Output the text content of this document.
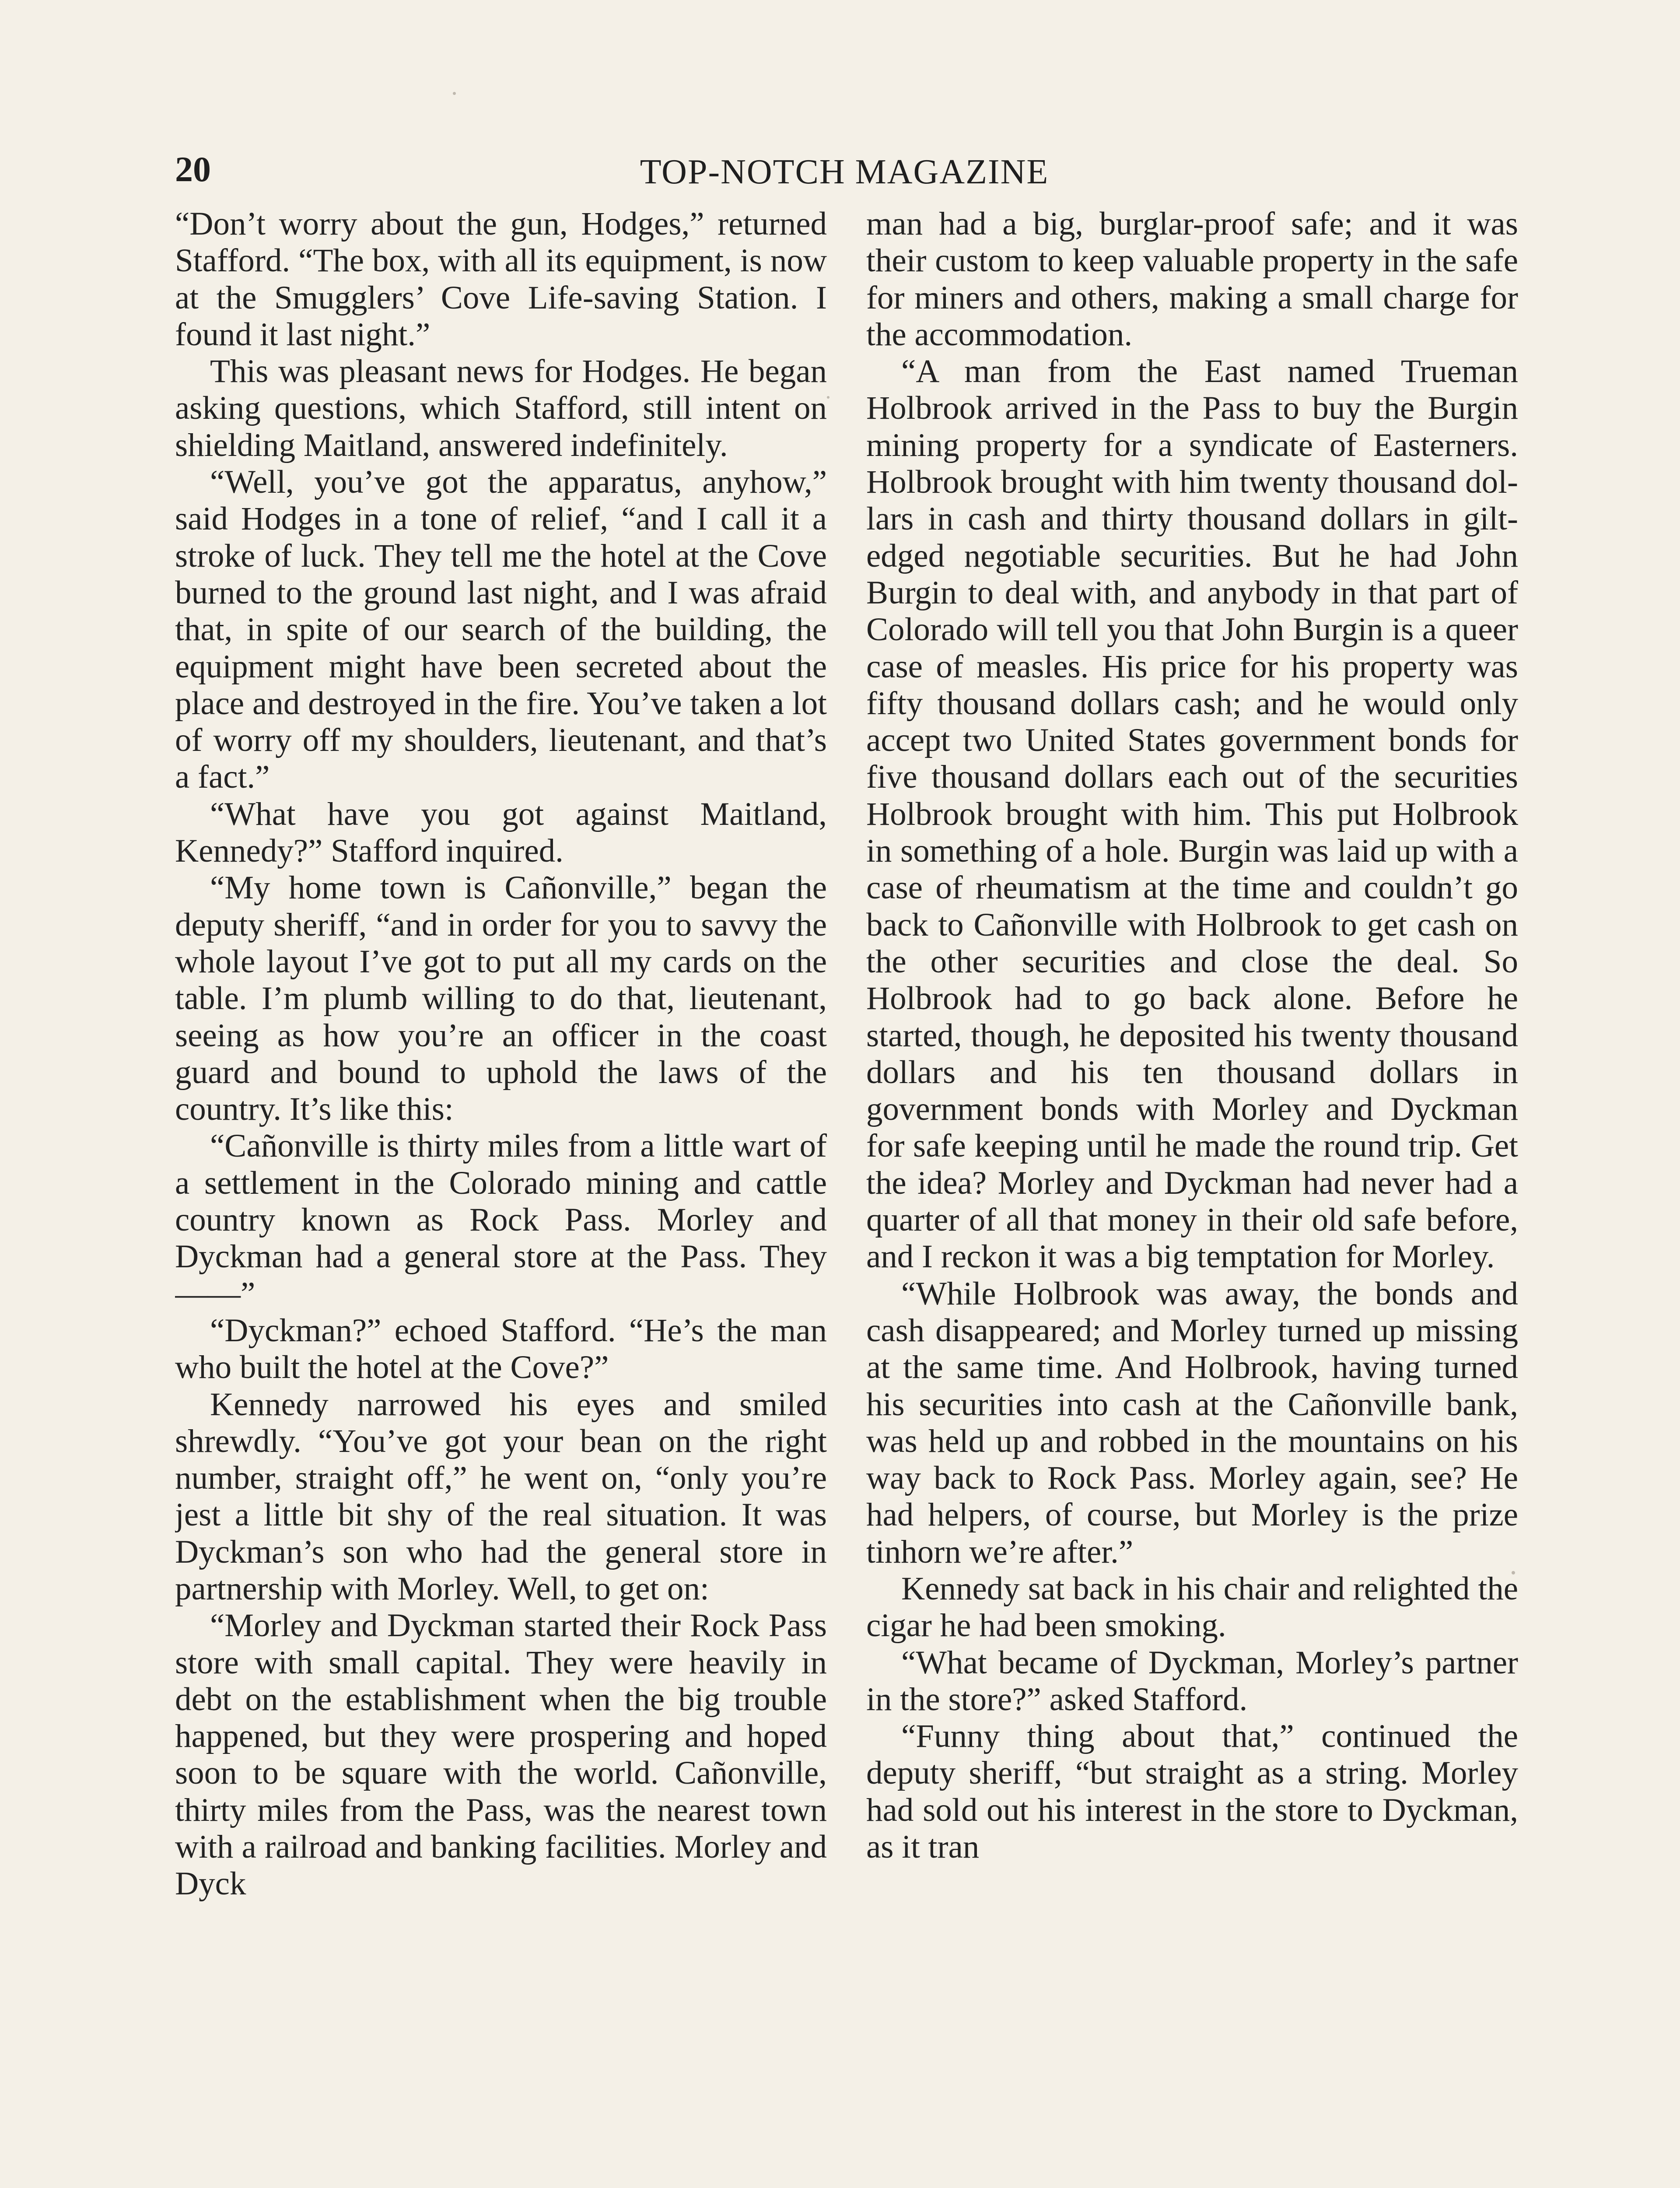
20	TOP-NOTCH MAGAZINE

“Don’t worry about the gun, Hodges,” returned Stafford. “The box, with all its equipment, is now at the Smugglers’ Cove Life-saving Station. I found it last night.”

This was pleasant news for Hodges. He began asking questions, which Stafford, still intent on shielding Maitland, answered indefinitely.

“Well, you’ve got the apparatus, anyhow,” said Hodges in a tone of relief, “and I call it a stroke of luck. They tell me the hotel at the Cove burned to the ground last night, and I was afraid that, in spite of our search of the building, the equipment might have been secreted about the place and destroyed in the fire. You’ve taken a lot of worry off my shoulders, lieutenant, and that’s a fact.”

“What have you got against Maitland, Kennedy?” Stafford inquired.

“My home town is Cañonville,” began the deputy sheriff, “and in order for you to savvy the whole layout I’ve got to put all my cards on the table. I’m plumb willing to do that, lieutenant, seeing as how you’re an officer in the coast guard and bound to uphold the laws of the country. It’s like this:

“Cañonville is thirty miles from a little wart of a settlement in the Colorado mining and cattle country known as Rock Pass. Morley and Dyckman had a general store at the Pass. They——”

“Dyckman?” echoed Stafford. “He’s the man who built the hotel at the Cove?”

Kennedy narrowed his eyes and smiled shrewdly. “You’ve got your bean on the right number, straight off,” he went on, “only you’re jest a little bit shy of the real situation. It was Dyckman’s son who had the general store in partnership with Morley. Well, to get on:

“Morley and Dyckman started their Rock Pass store with small capital. They were heavily in debt on the establishment when the big trouble happened, but they were prospering and hoped soon to be square with the world. Cañonville, thirty miles from the Pass, was the nearest town with a railroad and banking facilities. Morley and Dyck

man had a big, burglar-proof safe; and it was their custom to keep valuable property in the safe for miners and others, making a small charge for the accommodation.

“A man from the East named Trueman Holbrook arrived in the Pass to buy the Burgin mining property for a syndicate of Easterners. Holbrook brought with him twenty thousand dollars in cash and thirty thousand dollars in gilt-edged negotiable securities. But he had John Burgin to deal with, and anybody in that part of Colorado will tell you that John Burgin is a queer case of measles. His price for his property was fifty thousand dollars cash; and he would only accept two United States government bonds for five thousand dollars each out of the securities Holbrook brought with him. This put Holbrook in something of a hole. Burgin was laid up with a case of rheumatism at the time and couldn’t go back to Cañonville with Holbrook to get cash on the other securities and close the deal. So Holbrook had to go back alone. Before he started, though, he deposited his twenty thousand dollars and his ten thousand dollars in government bonds with Morley and Dyckman for safe keeping until he made the round trip. Get the idea? Morley and Dyckman had never had a quarter of all that money in their old safe before, and I reckon it was a big temptation for Morley.

“While Holbrook was away, the bonds and cash disappeared; and Morley turned up missing at the same time. And Holbrook, having turned his securities into cash at the Cañonville bank, was held up and robbed in the mountains on his way back to Rock Pass. Morley again, see? He had helpers, of course, but Morley is the prize tinhorn we’re after.”

Kennedy sat back in his chair and relighted the cigar he had been smoking.

“What became of Dyckman, Morley’s partner in the store?” asked Stafford.

“Funny thing about that,” continued the deputy sheriff, “but straight as a string. Morley had sold out his interest in the store to Dyckman, as it tran
